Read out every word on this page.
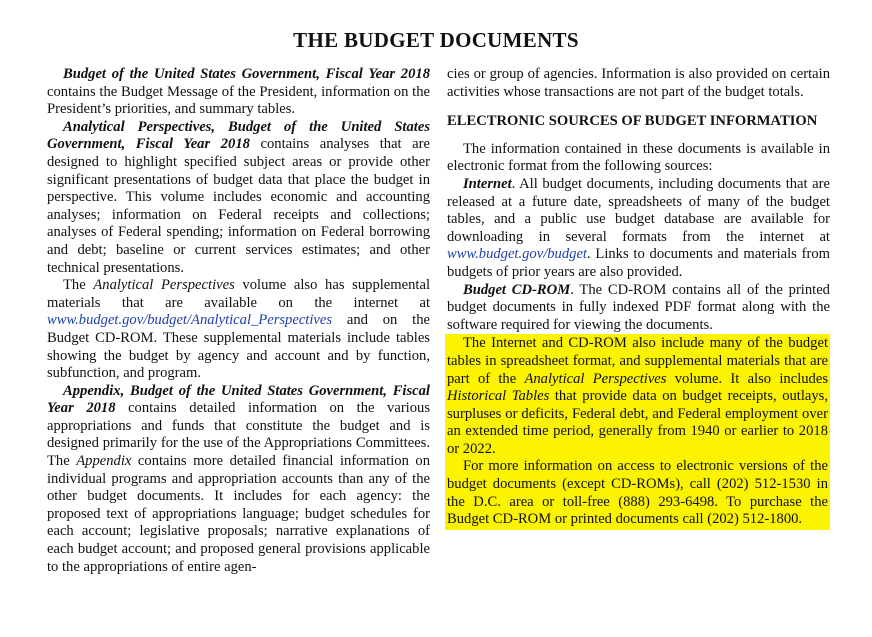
THE BUDGET DOCUMENTS

Budget of the United States Government, Fiscal Year 2018 contains the Budget Message of the President, information on the President’s priorities, and summary tables.

Analytical Perspectives, Budget of the United States Government, Fiscal Year 2018 contains analyses that are designed to highlight specified subject areas or provide other significant presentations of budget data that place the budget in perspective. This volume includes economic and accounting analyses; information on Federal receipts and collections; analyses of Federal spending; information on Federal borrowing and debt; baseline or current services estimates; and other technical presentations.

The Analytical Perspectives volume also has supplemental materials that are available on the internet at www.budget.gov/budget/Analytical_Perspectives and on the Budget CD-ROM. These supplemental materials include tables showing the budget by agency and account and by function, subfunction, and program.

Appendix, Budget of the United States Government, Fiscal Year 2018 contains detailed information on the various appropriations and funds that constitute the budget and is designed primarily for the use of the Appropriations Committees. The Appendix contains more detailed financial information on individual programs and appropriation accounts than any of the other budget documents. It includes for each agency: the proposed text of appropriations language; budget schedules for each account; legislative proposals; narrative explanations of each budget account; and proposed general provisions applicable to the appropriations of entire agen-

cies or group of agencies. Information is also provided on certain activities whose transactions are not part of the budget totals.

ELECTRONIC SOURCES OF BUDGET INFORMATION

The information contained in these documents is available in electronic format from the following sources:

Internet. All budget documents, including documents that are released at a future date, spreadsheets of many of the budget tables, and a public use budget database are available for downloading in several formats from the internet at www.budget.gov/budget. Links to documents and materials from budgets of prior years are also provided.

Budget CD-ROM. The CD-ROM contains all of the printed budget documents in fully indexed PDF format along with the software required for viewing the documents.

The Internet and CD-ROM also include many of the budget tables in spreadsheet format, and supplemental materials that are part of the Analytical Perspectives volume. It also includes Historical Tables that provide data on budget receipts, outlays, surpluses or deficits, Federal debt, and Federal employment over an extended time period, generally from 1940 or earlier to 2018 or 2022.

For more information on access to electronic versions of the budget documents (except CD-ROMs), call (202) 512-1530 in the D.C. area or toll-free (888) 293-6498. To purchase the Budget CD-ROM or printed documents call (202) 512-1800.
